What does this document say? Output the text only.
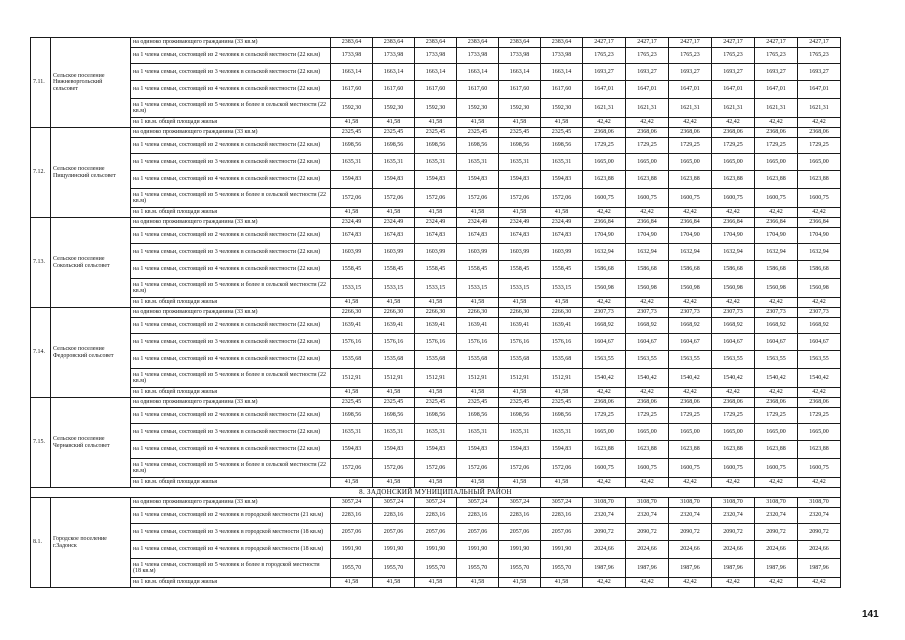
7.11.	Сельское поселение Нижневоргольский сельсовет	на одиноко проживающего гражданина (33 кв.м)	2383,64	2383,64	2383,64	2383,64	2383,64	2383,64	2427,17	2427,17	2427,17	2427,17	2427,17	2427,17
		на 1 члена семьи, состоящей из 2 человек в сельской местности (22 кв.м)	1733,98	1733,98	1733,98	1733,98	1733,98	1733,98	1765,23	1765,23	1765,23	1765,23	1765,23	1765,23
		на 1 члена семьи, состоящей из 3 человек в сельской местности (22 кв.м)	1663,14	1663,14	1663,14	1663,14	1663,14	1663,14	1693,27	1693,27	1693,27	1693,27	1693,27	1693,27
		на 1 члена семьи, состоящей из 4 человек в сельской местности (22 кв.м)	1617,60	1617,60	1617,60	1617,60	1617,60	1617,60	1647,01	1647,01	1647,01	1647,01	1647,01	1647,01
		на 1 члена семьи, состоящей из 5 человек и более в сельской местности (22 кв.м)	1592,30	1592,30	1592,30	1592,30	1592,30	1592,30	1621,31	1621,31	1621,31	1621,31	1621,31	1621,31
		на 1 кв.м. общей площади жилья	41,58	41,58	41,58	41,58	41,58	41,58	42,42	42,42	42,42	42,42	42,42	42,42
7.12.	Сельское поселение Пищулинский сельсовет	на одиноко проживающего гражданина (33 кв.м)	2325,45	2325,45	2325,45	2325,45	2325,45	2325,45	2368,06	2368,06	2368,06	2368,06	2368,06	2368,06
		на 1 члена семьи, состоящей из 2 человек в сельской местности (22 кв.м)	1698,56	1698,56	1698,56	1698,56	1698,56	1698,56	1729,25	1729,25	1729,25	1729,25	1729,25	1729,25
		на 1 члена семьи, состоящей из 3 человек в сельской местности (22 кв.м)	1635,31	1635,31	1635,31	1635,31	1635,31	1635,31	1665,00	1665,00	1665,00	1665,00	1665,00	1665,00
		на 1 члена семьи, состоящей из 4 человек в сельской местности (22 кв.м)	1594,83	1594,83	1594,83	1594,83	1594,83	1594,83	1623,88	1623,88	1623,88	1623,88	1623,88	1623,88
		на 1 члена семьи, состоящей из 5 человек и более в сельской местности (22 кв.м)	1572,06	1572,06	1572,06	1572,06	1572,06	1572,06	1600,75	1600,75	1600,75	1600,75	1600,75	1600,75
		на 1 кв.м. общей площади жилья	41,58	41,58	41,58	41,58	41,58	41,58	42,42	42,42	42,42	42,42	42,42	42,42
7.13.	Сельское поселение Сокольский сельсовет	на одиноко проживающего гражданина (33 кв.м)	2324,49	2324,49	2324,49	2324,49	2324,49	2324,49	2366,84	2366,84	2366,84	2366,84	2366,84	2366,84
		на 1 члена семьи, состоящей из 2 человек в сельской местности (22 кв.м)	1674,83	1674,83	1674,83	1674,83	1674,83	1674,83	1704,90	1704,90	1704,90	1704,90	1704,90	1704,90
		на 1 члена семьи, состоящей из 3 человек в сельской местности (22 кв.м)	1603,99	1603,99	1603,99	1603,99	1603,99	1603,99	1632,94	1632,94	1632,94	1632,94	1632,94	1632,94
		на 1 члена семьи, состоящей из 4 человек в сельской местности (22 кв.м)	1558,45	1558,45	1558,45	1558,45	1558,45	1558,45	1586,68	1586,68	1586,68	1586,68	1586,68	1586,68
		на 1 члена семьи, состоящей из 5 человек и более в сельской местности (22 кв.м)	1533,15	1533,15	1533,15	1533,15	1533,15	1533,15	1560,98	1560,98	1560,98	1560,98	1560,98	1560,98
		на 1 кв.м. общей площади жилья	41,58	41,58	41,58	41,58	41,58	41,58	42,42	42,42	42,42	42,42	42,42	42,42
7.14.	Сельское поселение Федоровский сельсовет	на одиноко проживающего гражданина (33 кв.м)	2266,30	2266,30	2266,30	2266,30	2266,30	2266,30	2307,73	2307,73	2307,73	2307,73	2307,73	2307,73
		на 1 члена семьи, состоящей из 2 человек в сельской местности (22 кв.м)	1639,41	1639,41	1639,41	1639,41	1639,41	1639,41	1668,92	1668,92	1668,92	1668,92	1668,92	1668,92
		на 1 члена семьи, состоящей из 3 человек в сельской местности (22 кв.м)	1576,16	1576,16	1576,16	1576,16	1576,16	1576,16	1604,67	1604,67	1604,67	1604,67	1604,67	1604,67
		на 1 члена семьи, состоящей из 4 человек в сельской местности (22 кв.м)	1535,68	1535,68	1535,68	1535,68	1535,68	1535,68	1563,55	1563,55	1563,55	1563,55	1563,55	1563,55
		на 1 члена семьи, состоящей из 5 человек и более в сельской местности (22 кв.м)	1512,91	1512,91	1512,91	1512,91	1512,91	1512,91	1540,42	1540,42	1540,42	1540,42	1540,42	1540,42
		на 1 кв.м. общей площади жилья	41,58	41,58	41,58	41,58	41,58	41,58	42,42	42,42	42,42	42,42	42,42	42,42
7.15.	Сельское поселение Чернавский сельсовет	на одиноко проживающего гражданина (33 кв.м)	2325,45	2325,45	2325,45	2325,45	2325,45	2325,45	2368,06	2368,06	2368,06	2368,06	2368,06	2368,06
		на 1 члена семьи, состоящей из 2 человек в сельской местности (22 кв.м)	1698,56	1698,56	1698,56	1698,56	1698,56	1698,56	1729,25	1729,25	1729,25	1729,25	1729,25	1729,25
		на 1 члена семьи, состоящей из 3 человек в сельской местности (22 кв.м)	1635,31	1635,31	1635,31	1635,31	1635,31	1635,31	1665,00	1665,00	1665,00	1665,00	1665,00	1665,00
		на 1 члена семьи, состоящей из 4 человек в сельской местности (22 кв.м)	1594,83	1594,83	1594,83	1594,83	1594,83	1594,83	1623,88	1623,88	1623,88	1623,88	1623,88	1623,88
		на 1 члена семьи, состоящей из 5 человек и более в сельской местности (22 кв.м)	1572,06	1572,06	1572,06	1572,06	1572,06	1572,06	1600,75	1600,75	1600,75	1600,75	1600,75	1600,75
		на 1 кв.м. общей площади жилья	41,58	41,58	41,58	41,58	41,58	41,58	42,42	42,42	42,42	42,42	42,42	42,42
8. ЗАДОНСКИЙ МУНИЦИПАЛЬНЫЙ РАЙОН														
8.1.	Городское поселение г.Задонск	на одиноко проживающего гражданина (33 кв.м)	3057,24	3057,24	3057,24	3057,24	3057,24	3057,24	3108,70	3108,70	3108,70	3108,70	3108,70	3108,70
		на 1 члена семьи, состоящей из 2 человек в городской местности (21 кв.м)	2283,16	2283,16	2283,16	2283,16	2283,16	2283,16	2320,74	2320,74	2320,74	2320,74	2320,74	2320,74
		на 1 члена семьи, состоящей из 3 человек в городской местности (18 кв.м)	2057,06	2057,06	2057,06	2057,06	2057,06	2057,06	2090,72	2090,72	2090,72	2090,72	2090,72	2090,72
		на 1 члена семьи, состоящей из 4 человек в городской местности (18 кв.м)	1991,90	1991,90	1991,90	1991,90	1991,90	1991,90	2024,66	2024,66	2024,66	2024,66	2024,66	2024,66
		на 1 члена семьи, состоящей из 5 человек и более в городской местности (18 кв.м)	1955,70	1955,70	1955,70	1955,70	1955,70	1955,70	1987,96	1987,96	1987,96	1987,96	1987,96	1987,96
		на 1 кв.м. общей площади жилья	41,58	41,58	41,58	41,58	41,58	41,58	42,42	42,42	42,42	42,42	42,42	42,42
141
